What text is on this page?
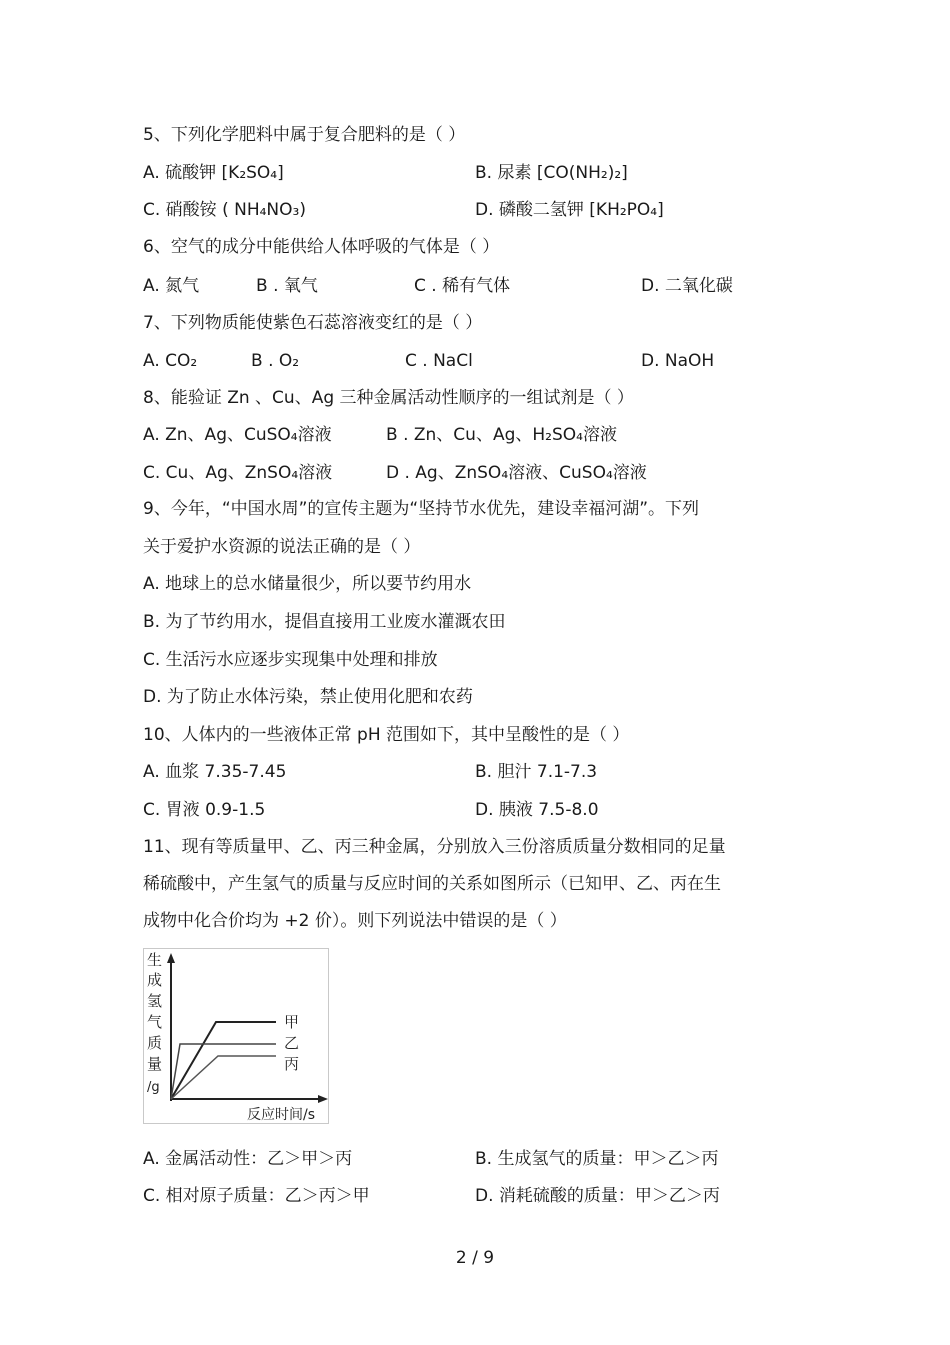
5、下列化学肥料中属于复合肥料的是（ ）
A. 硫酸钾 [K₂SO₄]	B. 尿素 [CO(NH₂)₂]
C. 硝酸铵 ( NH₄NO₃)	D. 磷酸二氢钾 [KH₂PO₄]
6、空气的成分中能供给人体呼吸的气体是（ ）
A. 氮气	B . 氧气	C . 稀有气体	D. 二氧化碳
7、下列物质能使紫色石蕊溶液变红的是（ ）
A. CO₂	B . O₂	C . NaCl	D. NaOH
8、能验证 Zn 、Cu、Ag 三种金属活动性顺序的一组试剂是（ ）
A. Zn、Ag、CuSO₄溶液	B . Zn、Cu、Ag、H₂SO₄溶液
C. Cu、Ag、ZnSO₄溶液	D . Ag、ZnSO₄溶液、CuSO₄溶液
9、今年，“中国水周”的宣传主题为“坚持节水优先，建设幸福河湖”。下列
关于爱护水资源的说法正确的是（ ）
A. 地球上的总水储量很少，所以要节约用水
B. 为了节约用水，提倡直接用工业废水灌溉农田
C. 生活污水应逐步实现集中处理和排放
D. 为了防止水体污染，禁止使用化肥和农药
10、人体内的一些液体正常 pH 范围如下，其中呈酸性的是（ ）
A. 血浆 7.35-7.45	B. 胆汁 7.1-7.3
C. 胃液 0.9-1.5	D. 胰液 7.5-8.0
11、现有等质量甲、乙、丙三种金属，分别放入三份溶质质量分数相同的足量
稀硫酸中，产生氢气的质量与反应时间的关系如图所示（已知甲、乙、丙在生
成物中化合价均为 +2 价）。则下列说法中错误的是（ ）
生
成
氢
气
质
量
/g
甲
乙
丙
反应时间/s
A. 金属活动性：乙＞甲＞丙	B. 生成氢气的质量：甲＞乙＞丙
C. 相对原子质量：乙＞丙＞甲	D. 消耗硫酸的质量：甲＞乙＞丙
2 / 9
